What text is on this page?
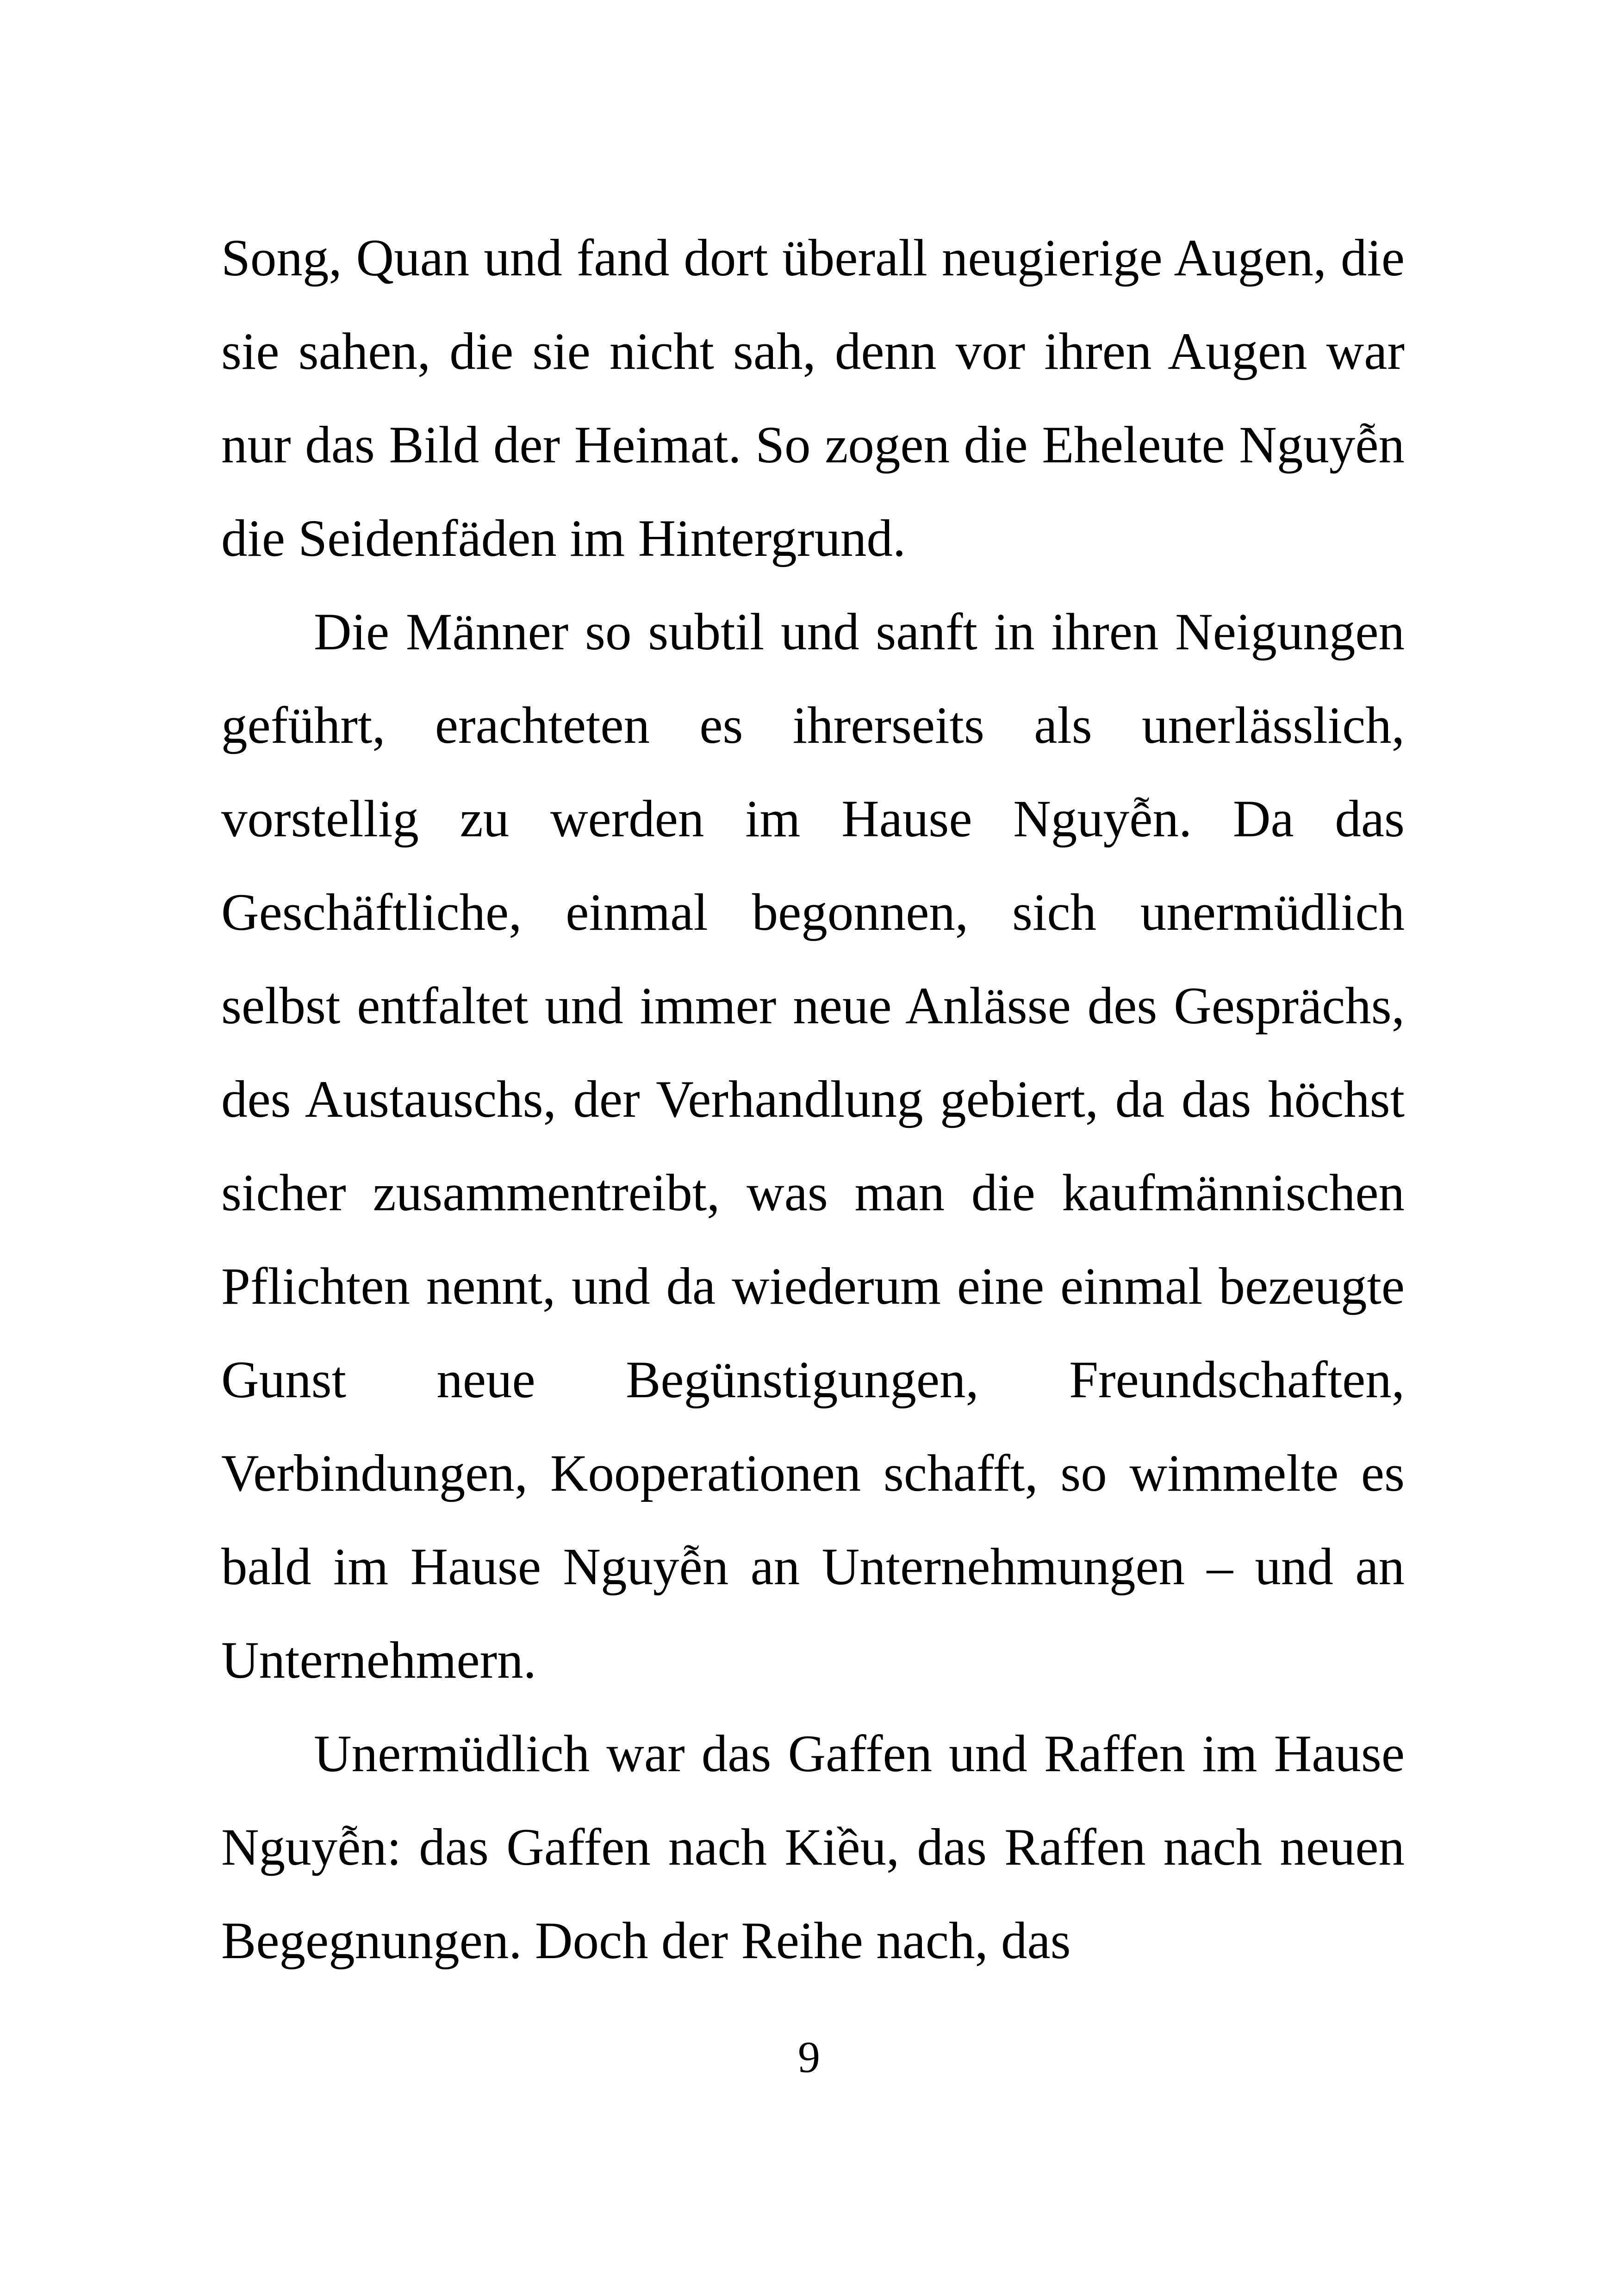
Song, Quan und fand dort überall neugierige Augen, die sie sahen, die sie nicht sah, denn vor ihren Augen war nur das Bild der Heimat. So zogen die Eheleute Nguyễn die Seidenfäden im Hintergrund.

Die Männer so subtil und sanft in ihren Neigungen geführt, erachteten es ihrerseits als unerlässlich, vorstellig zu werden im Hause Nguyễn. Da das Geschäftliche, einmal begonnen, sich unermüdlich selbst entfaltet und immer neue Anlässe des Gesprächs, des Austauschs, der Verhandlung gebiert, da das höchst sicher zusammentreibt, was man die kaufmännischen Pflichten nennt, und da wiederum eine einmal bezeugte Gunst neue Begünstigungen, Freundschaften, Verbindungen, Kooperationen schafft, so wimmelte es bald im Hause Nguyễn an Unternehmungen – und an Unternehmern.

Unermüdlich war das Gaffen und Raffen im Hause Nguyễn: das Gaffen nach Kiều, das Raffen nach neuen Begegnungen. Doch der Reihe nach, das

9
